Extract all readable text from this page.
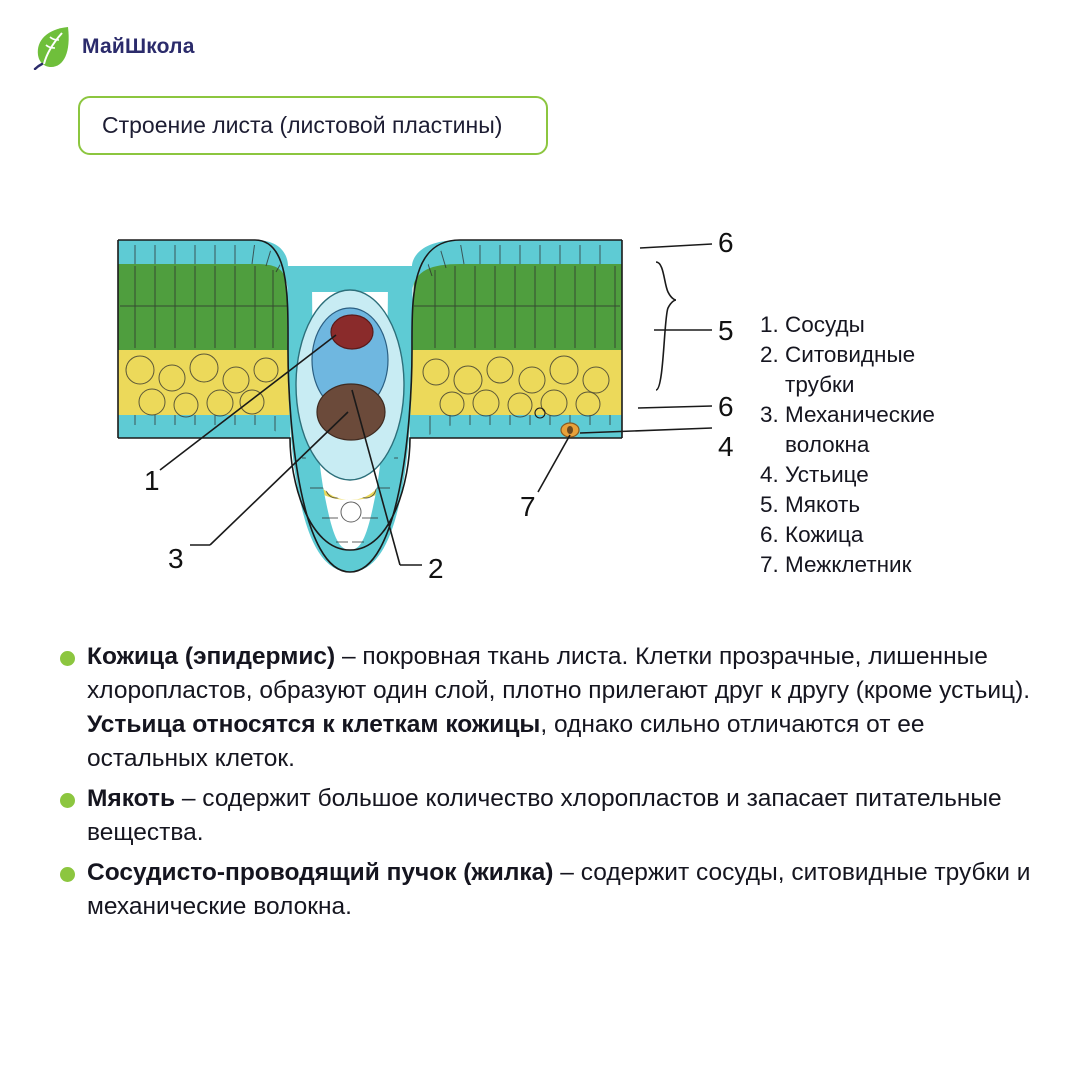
МайШкола
Строение листа (листовой пластины)
6
5
6
4
7
1
3	2
1. Сосуды
2. Ситовидные
трубки
3. Механические
волокна
4. Устьице
5. Мякоть
6. Кожица
7. Межклетник
Кожица (эпидермис) – покровная ткань листа. Клетки прозрачные, лишенные хлоропластов, образуют один слой, плотно прилегают друг к другу (кроме устьиц). Устьица относятся к клеткам кожицы, однако сильно отличаются от ее остальных клеток.
Мякоть – содержит большое количество хлоропластов и запасает питательные вещества.
Сосудисто-проводящий пучок (жилка) – содержит сосуды, ситовидные трубки и механические волокна.
